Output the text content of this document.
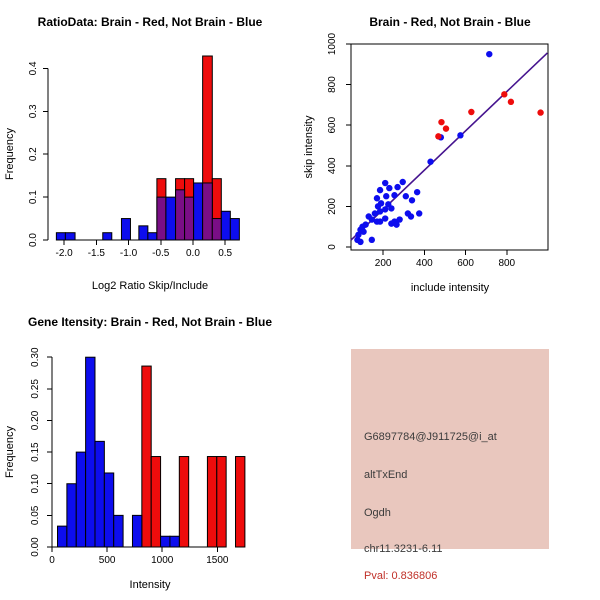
-2.0 -1.5 -1.0 -0.5 0.0 0.5
0.0
0.1
0.2
0.3
0.4
RatioData: Brain - Red, Not Brain - Blue
Log2 Ratio Skip/Include
Frequency
200 400 600 800
0
200
400
600
800
1000
Brain - Red, Not Brain - Blue
include intensity
skip intensity
0	500	1000	1500
0.00
0.05
0.10
0.15
0.20
0.25
0.30
Gene Itensity: Brain - Red, Not Brain - Blue
Intensity
Frequency	G6897784@J911725@i_at
altTxEnd
Ogdh
chr11.3231-6.11
Pval: 0.836806
